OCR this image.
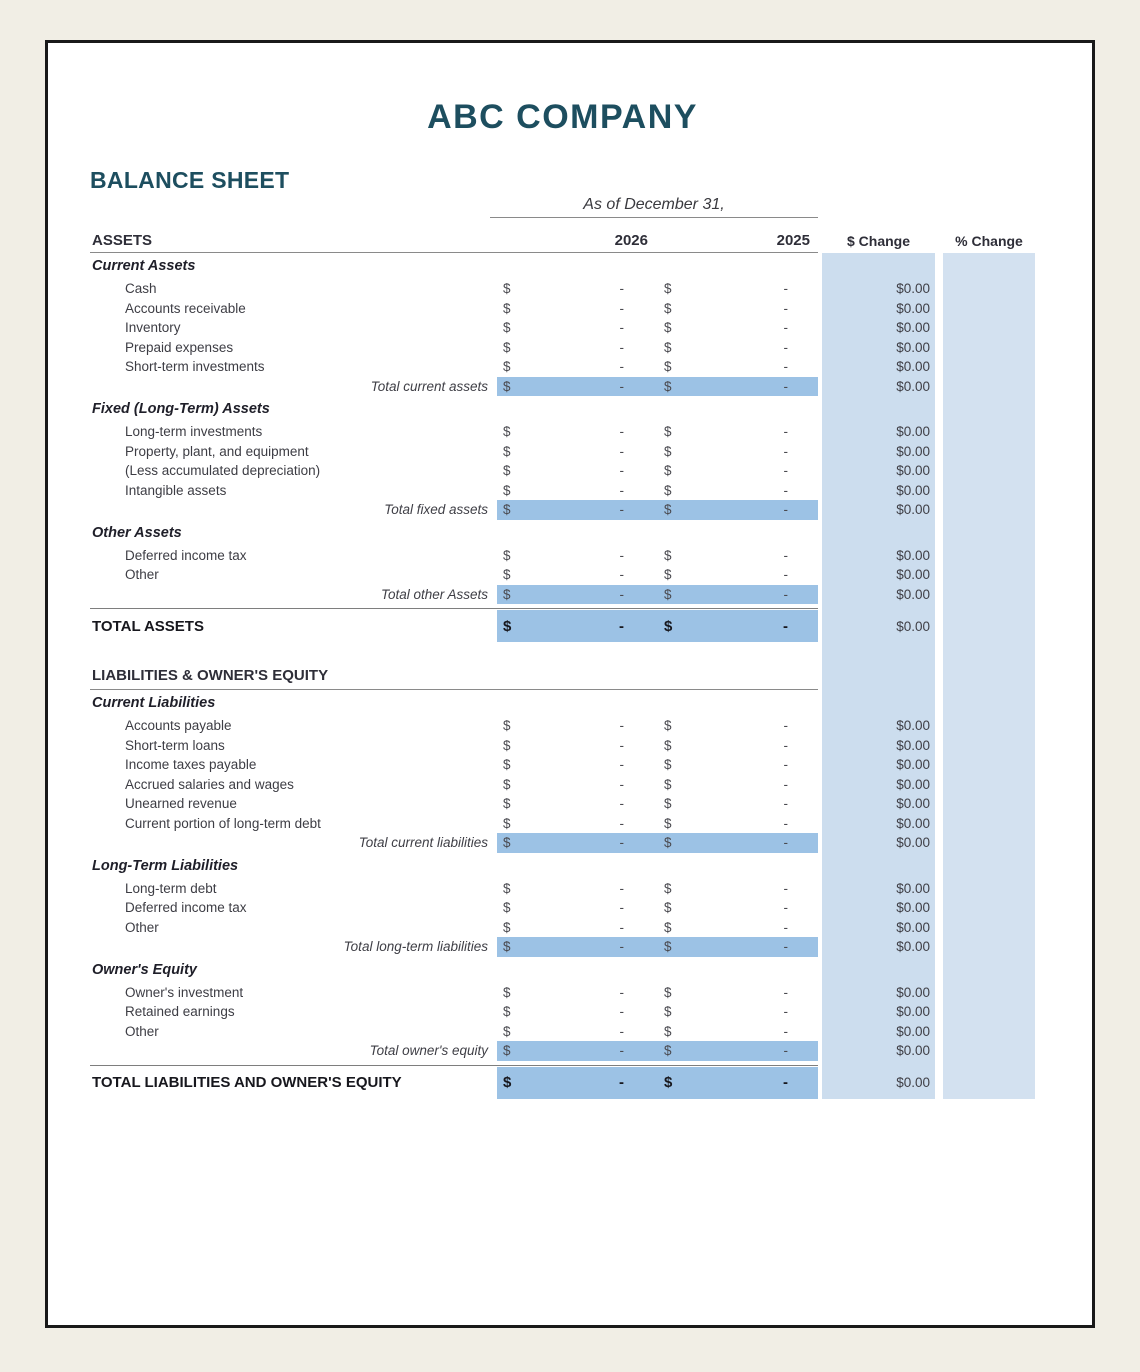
ABC COMPANY
BALANCE SHEET
As of December 31,
ASSETS	2026	2025	$ Change	% Change
Current Assets
Cash	$	-	$	-	$0.00
Accounts receivable	$	-	$	-	$0.00
Inventory	$	-	$	-	$0.00
Prepaid expenses	$	-	$	-	$0.00
Short-term investments	$	-	$	-	$0.00
Total current assets	$	-	$	-	$0.00
Fixed (Long-Term) Assets
Long-term investments	$	-	$	-	$0.00
Property, plant, and equipment	$	-	$	-	$0.00
(Less accumulated depreciation)	$	-	$	-	$0.00
Intangible assets	$	-	$	-	$0.00
Total fixed assets	$	-	$	-	$0.00
Other Assets
Deferred income tax	$	-	$	-	$0.00
Other	$	-	$	-	$0.00
Total other Assets	$	-	$	-	$0.00
TOTAL ASSETS	$	-	$	-	$0.00
LIABILITIES & OWNER'S EQUITY
Current Liabilities
Accounts payable	$	-	$	-	$0.00
Short-term loans	$	-	$	-	$0.00
Income taxes payable	$	-	$	-	$0.00
Accrued salaries and wages	$	-	$	-	$0.00
Unearned revenue	$	-	$	-	$0.00
Current portion of long-term debt	$	-	$	-	$0.00
Total current liabilities	$	-	$	-	$0.00
Long-Term Liabilities
Long-term debt	$	-	$	-	$0.00
Deferred income tax	$	-	$	-	$0.00
Other	$	-	$	-	$0.00
Total long-term liabilities	$	-	$	-	$0.00
Owner's Equity
Owner's investment	$	-	$	-	$0.00
Retained earnings	$	-	$	-	$0.00
Other	$	-	$	-	$0.00
Total owner's equity	$	-	$	-	$0.00
TOTAL LIABILITIES AND OWNER'S EQUITY	$	-	$	-	$0.00
